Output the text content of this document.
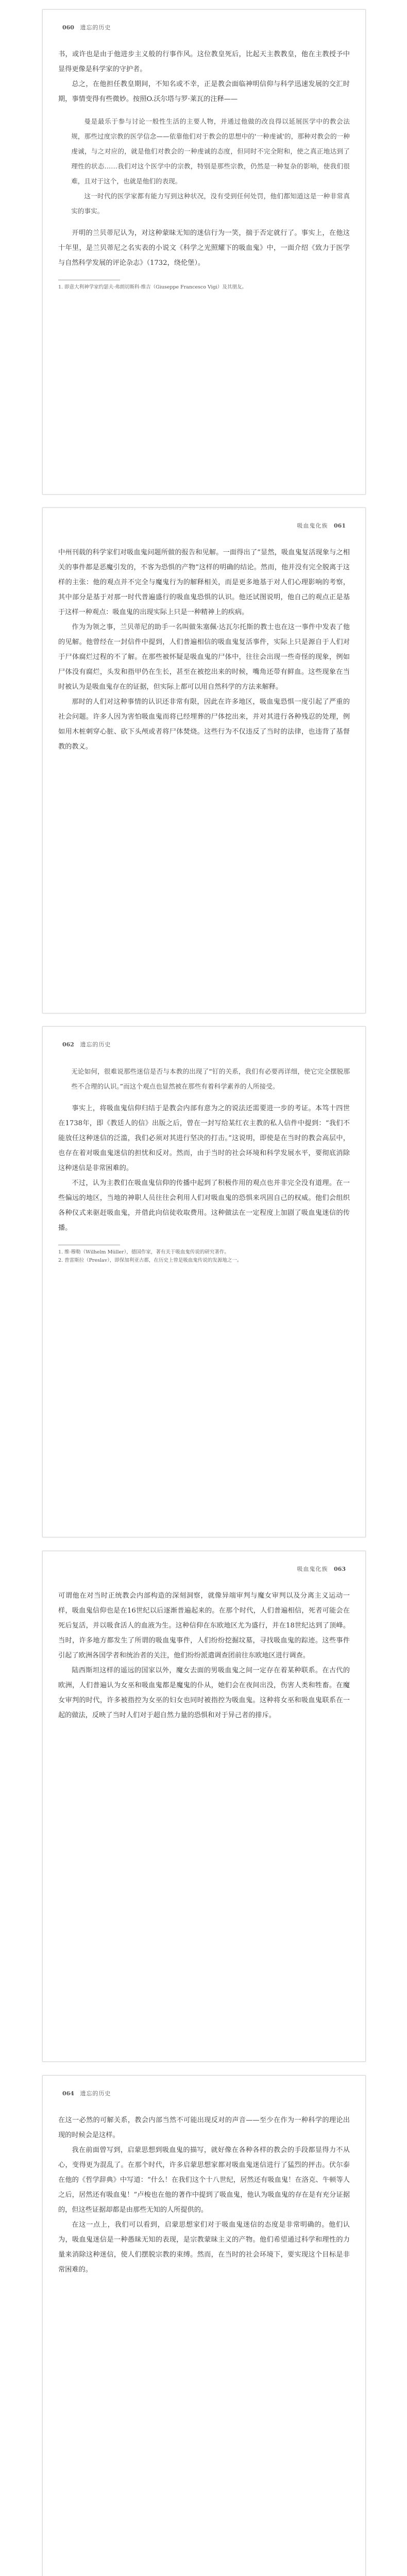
060 遗忘的历史

书，或许也是由于他进步主义般的行事作风。这位教皇死后，比起天主教教皇，他在主教授予中显得更像是科学家的守护者。

总之，在他担任教皇期间，不知名或不幸，正是教会面临神明信仰与科学迅速发展的交汇时期，事情变得有些微妙。按照O.沃尔塔与罗·莱瓦的注释——

曼是最乐于参与讨论一般性生活的主要人物，并通过他做的改良得以延展医学中的教会法规，那些过度宗教的医学信念——依靠他们对于教会的思想中的'一种虔诚'的，那种对教会的一种虔诚，与之对应的，就是他们对教会的一种虔诚的态度，但同时不完全附和，使之真正地达到了理性的状态……我们对这个医学中的宗教，特别是那些宗教，仍然是一种复杂的影响，使我们很难，且对于这个，也就是他们的表现。

这一时代的医学家都有能力写到这种状况，没有受到任何处罚，他们都知道这是一种非常真实的事实。

开明的兰贝蒂尼认为，对这种蒙昧无知的迷信行为一笑，揣于否定就行了。事实上，在他这十年里，是兰贝蒂尼之名实表的小说文《科学之光照耀下的吸血鬼》中，一面介绍《致力于医学与自然科学发展的评论杂志》（1732，绕伦堡）。

1. 即意大利神学家约瑟夫·弗朗切斯科·维吉（Giuseppe Francesco Vigi）及其朋友。
吸血鬼化族 061

中州刊载的科学家们对吸血鬼问题所做的报告和见解。一面得出了“显然，吸血鬼复活现象与之相关的事件都是恶魔引发的，不客为恐惧的产物”这样的明确的结论。然而，他并没有完全脱离于这样的主张：他的观点并不完全与魔鬼行为的解释相关，而是更多地基于对人们心理影响的考察，其中部分是基于对那一时代普遍盛行的吸血鬼恐惧的认识。他还试图说明，他自己的观点正是基于这样一种观点：吸血鬼的出现实际上只是一种精神上的疾病。

作为为领之事，兰贝蒂尼的助手一名叫做朱塞佩·达瓦尔托斯的教士也在这一事件中发表了他的见解。他曾经在一封信件中提到，人们普遍相信的吸血鬼复活事件，实际上只是源自于人们对于尸体腐烂过程的不了解。在那些被怀疑是吸血鬼的尸体中，往往会出现一些奇怪的现象，例如尸体没有腐烂，头发和指甲仍在生长，甚至在被挖出来的时候，嘴角还带有鲜血。这些现象在当时被认为是吸血鬼存在的证据，但实际上都可以用自然科学的方法来解释。

那时的人们对这种事情的认识还非常有限，因此在许多地区，吸血鬼恐惧一度引起了严重的社会问题。许多人因为害怕吸血鬼而将已经埋葬的尸体挖出来，并对其进行各种残忍的处理，例如用木桩刺穿心脏、砍下头颅或者将尸体焚烧。这些行为不仅违反了当时的法律，也违背了基督教的教义。

062 遗忘的历史

无论如何，很难说那些迷信是否与本教的出现了“钉的关系，我们有必要再详细，使它完全摆脱那些不合理的认识。”而这个观点也显然被在那些有着科学素养的人所接受。

事实上，将吸血鬼信仰归结于是教会内部有意为之的说法还需要进一步的考证。本笃十四世在1738年，即《教廷人的信》出版之后，曾在一封写给某红衣主教的私人信件中提到：“我们不能放任这种迷信的泛滥，我们必须对其进行坚决的打击。”这说明，即使是在当时的教会高层中，也存在着对吸血鬼迷信的担忧和反对。然而，由于当时的社会环境和科学发展水平，要彻底消除这种迷信是非常困难的。

不过，认为主教们在吸血鬼信仰的传播中起到了积极作用的观点也并非完全没有道理。在一些偏远的地区，当地的神职人员往往会利用人们对吸血鬼的恐惧来巩固自己的权威。他们会组织各种仪式来驱赶吸血鬼，并借此向信徒收取费用。这种做法在一定程度上加剧了吸血鬼迷信的传播。

1. 维·穆勒（Wilhelm Müller），德国作家，著有关于吸血鬼传说的研究著作。
2. 普雷斯拉（Preslav），即保加利亚古都，在历史上曾是吸血鬼传说的发源地之一。
吸血鬼化族 063

可谓他在对当时正统教会内部构造的深刻洞察，就像异端审判与魔女审判以及分离主义运动一样，吸血鬼信仰也是在16世纪以后逐渐普遍起来的。在那个时代，人们普遍相信，死者可能会在死后复活，并以吸食活人的血液为生。这种信仰在东欧地区尤为盛行，并在18世纪达到了顶峰。当时，许多地方都发生了所谓的吸血鬼事件，人们纷纷挖掘坟墓，寻找吸血鬼的踪迹。这些事件引起了欧洲各国学者和统治者的关注，他们纷纷派遣调查团前往东欧地区进行调查。

陆西斯坦这样的遥远的国家以外，魔女去面的男吸血鬼之间一定存在着某种联系。在古代的欧洲，人们普遍认为女巫和吸血鬼都是魔鬼的仆从，她们会在夜间出没，伤害人类和牲畜。在魔女审判的时代，许多被指控为女巫的妇女也同时被指控为吸血鬼。这种将女巫和吸血鬼联系在一起的做法，反映了当时人们对于超自然力量的恐惧和对于异己者的排斥。

064 遗忘的历史

在这一必然的可解关系，教会内部当然不可能出现反对的声音——至少在作为一种科学的理论出现的时候会是这样。

我在前面曾写到，启蒙思想到吸血鬼的描写，就好像在各种各样的教会的手段都显得力不从心，变得更为混乱了。在那个时代，许多启蒙思想家都对吸血鬼迷信进行了猛烈的抨击。伏尔泰在他的《哲学辞典》中写道：“什么！在我们这个十八世纪，居然还有吸血鬼！在洛克、牛顿等人之后，居然还有吸血鬼！”卢梭也在他的著作中提到了吸血鬼，他认为吸血鬼的存在是有充分证据的，但这些证据却都是由那些无知的人所提供的。

在这一点上，我们可以看到，启蒙思想家们对于吸血鬼迷信的态度是非常明确的。他们认为，吸血鬼迷信是一种愚昧无知的表现，是宗教蒙昧主义的产物。他们希望通过科学和理性的力量来消除这种迷信，使人们摆脱宗教的束缚。然而，在当时的社会环境下，要实现这个目标是非常困难的。
